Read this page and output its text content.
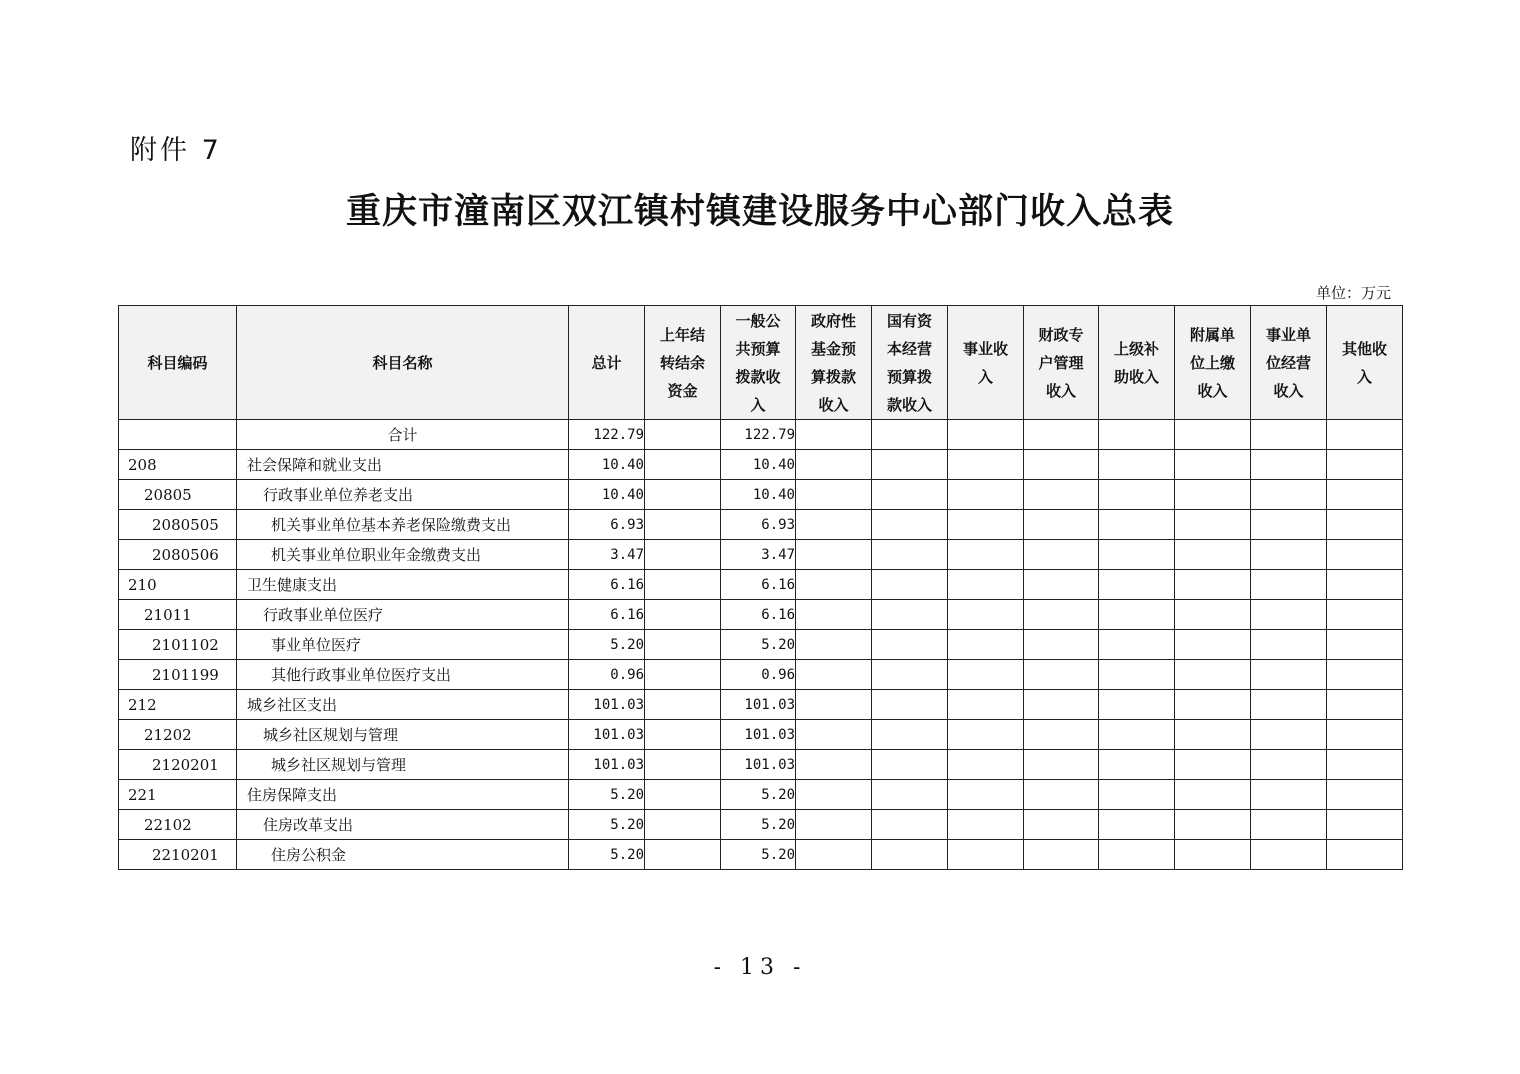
附件 7
重庆市潼南区双江镇村镇建设服务中心部门收入总表
单位：万元
科目编码	科目名称	总计	上年结转结余资金	一般公共预算拨款收入	政府性基金预算拨款收入	国有资本经营预算拨款收入	事业收入	财政专户管理收入	上级补助收入	附属单位上缴收入	事业单位经营收入	其他收入
	合计	122.79		122.79								
208	社会保障和就业支出	10.40		10.40								
20805	行政事业单位养老支出	10.40		10.40								
2080505	机关事业单位基本养老保险缴费支出	6.93		6.93								
2080506	机关事业单位职业年金缴费支出	3.47		3.47								
210	卫生健康支出	6.16		6.16								
21011	行政事业单位医疗	6.16		6.16								
2101102	事业单位医疗	5.20		5.20								
2101199	其他行政事业单位医疗支出	0.96		0.96								
212	城乡社区支出	101.03		101.03								
21202	城乡社区规划与管理	101.03		101.03								
2120201	城乡社区规划与管理	101.03		101.03								
221	住房保障支出	5.20		5.20								
22102	住房改革支出	5.20		5.20								
2210201	住房公积金	5.20		5.20								
- 13 -
